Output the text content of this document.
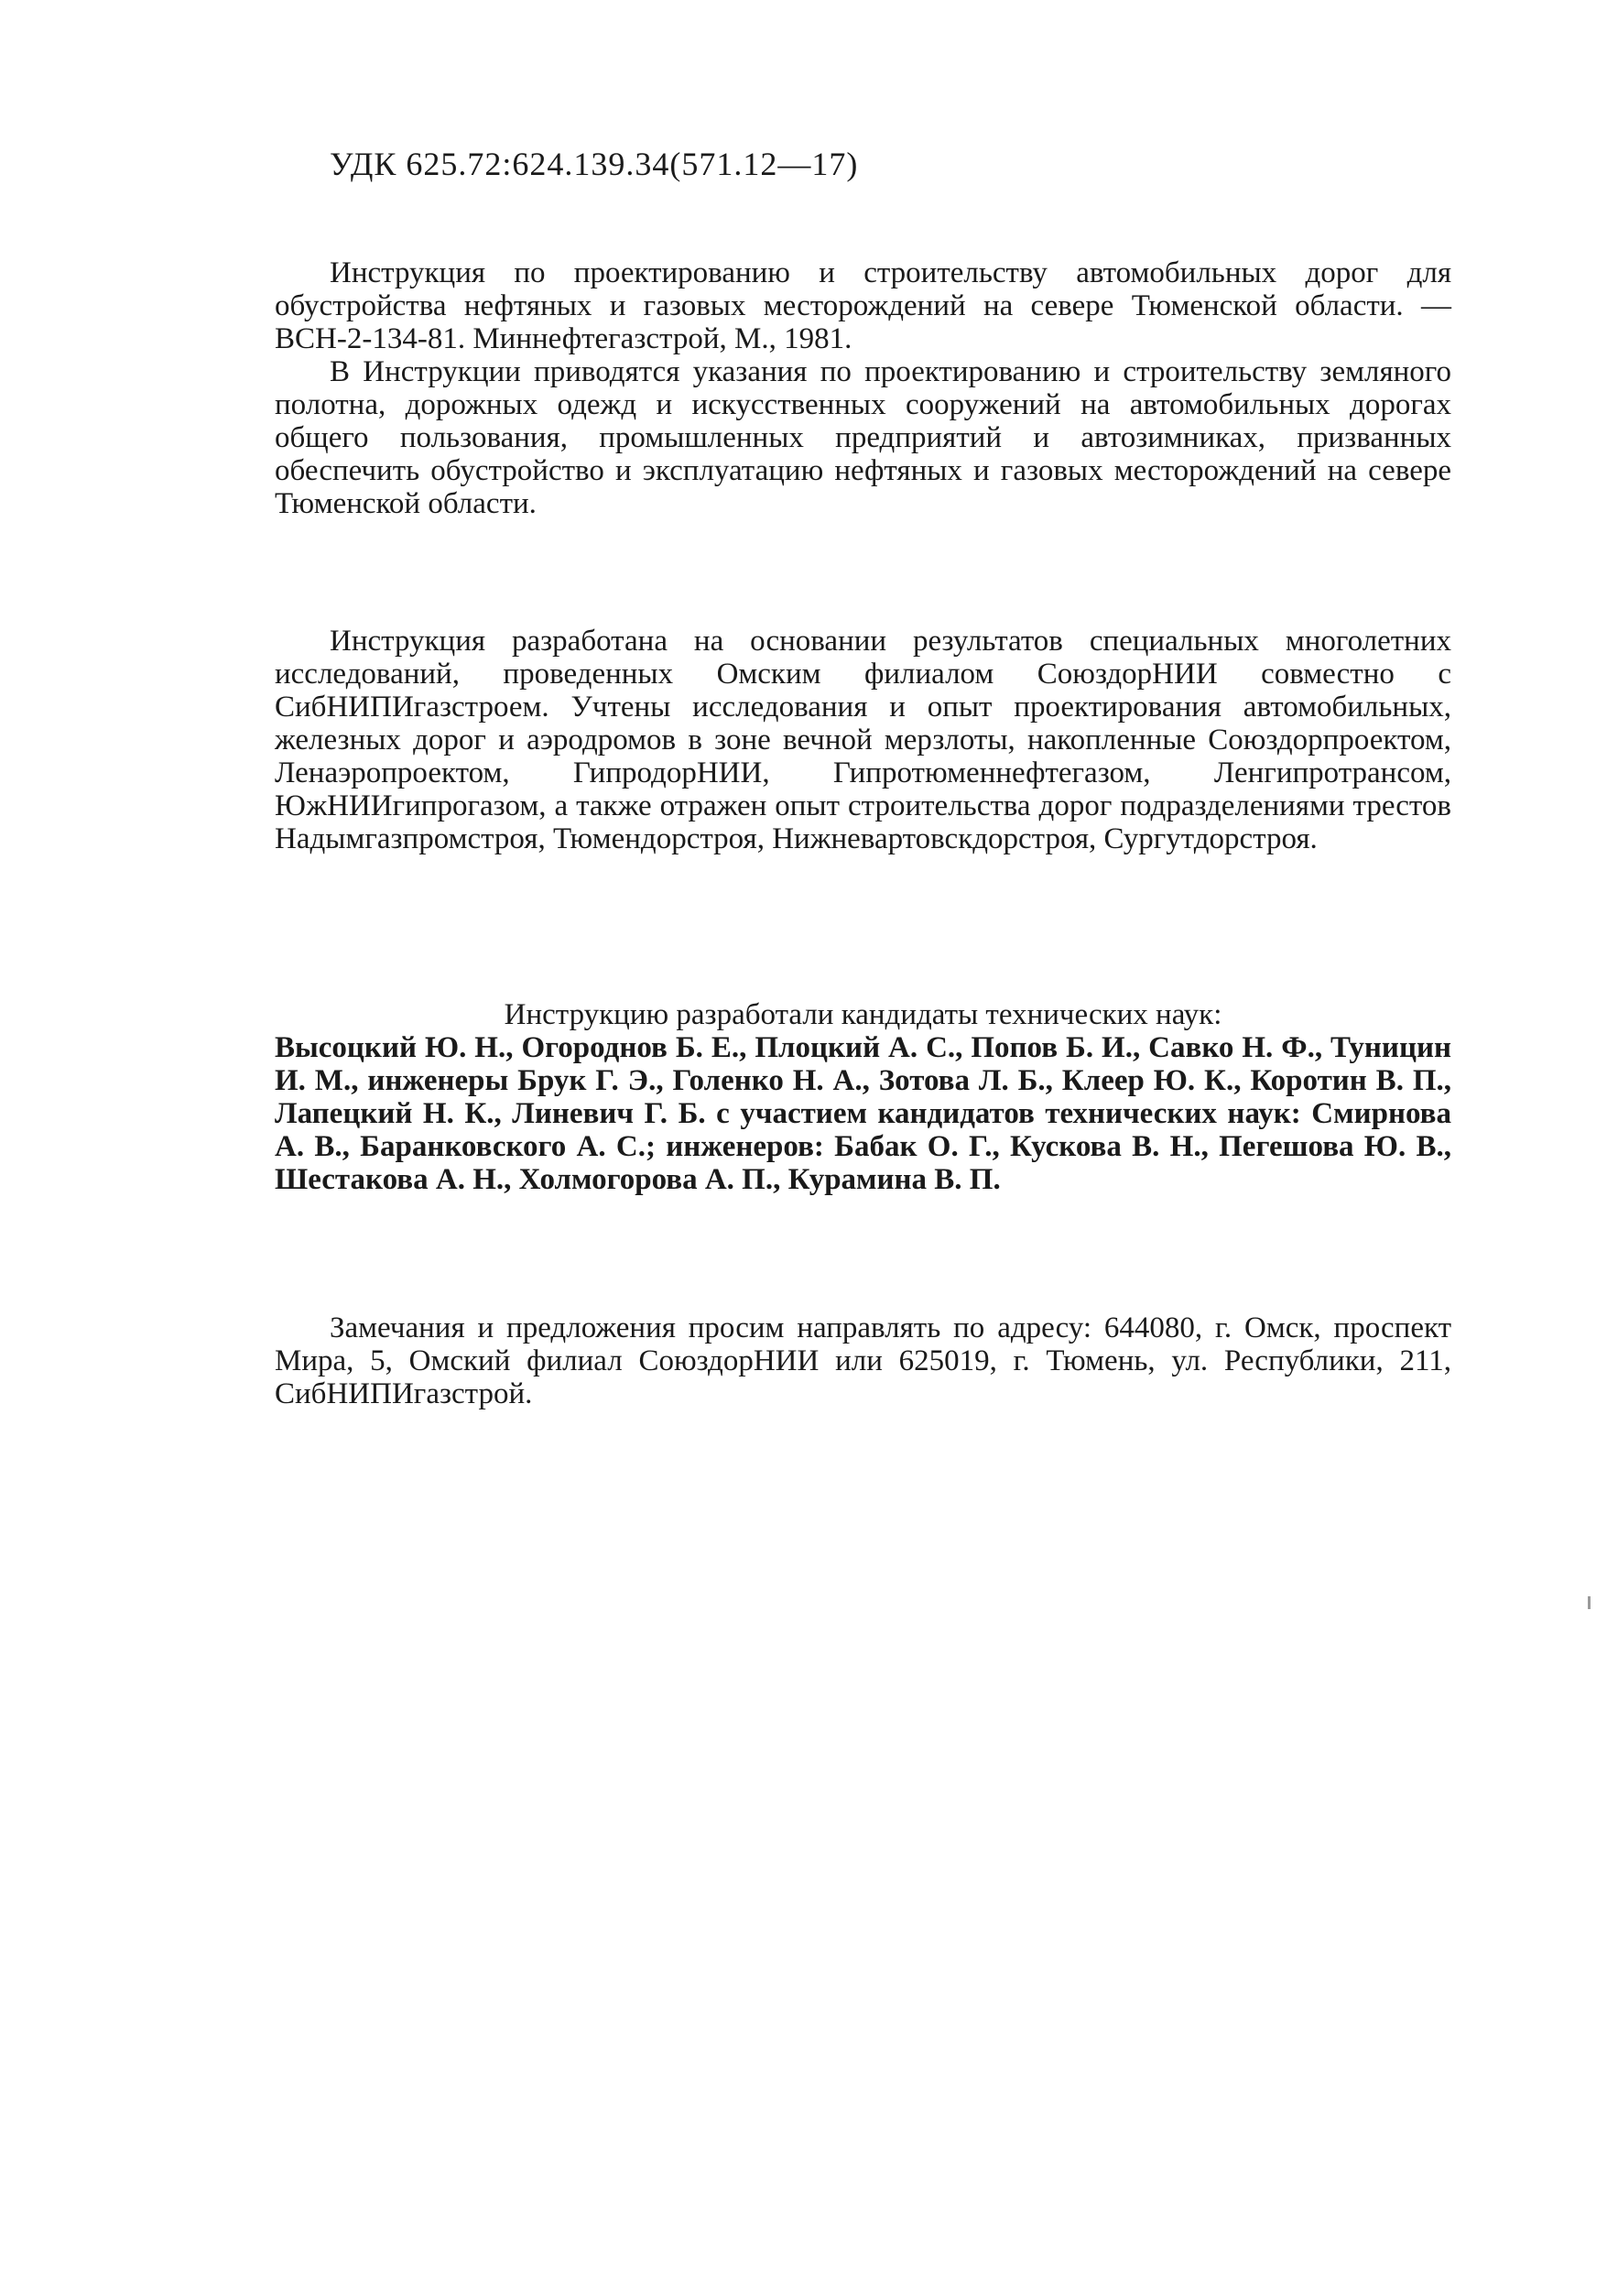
УДК 625.72:624.139.34(571.12—17)

Инструкция по проектированию и строительству автомобильных дорог для обустройства нефтяных и газовых месторождений на севере Тюменской области. —ВСН-2-134-81. Миннефтегазстрой, М., 1981.

В Инструкции приводятся указания по проектированию и строительству земляного полотна, дорожных одежд и искусственных сооружений на автомобильных дорогах общего пользования, промышленных предприятий и автозимниках, призванных обеспечить обустройство и эксплуатацию нефтяных и газовых месторождений на севере Тюменской области.

Инструкция разработана на основании результатов специальных многолетних исследований, проведенных Омским филиалом СоюздорНИИ совместно с СибНИПИгазстроем. Учтены исследования и опыт проектирования автомобильных, железных дорог и аэродромов в зоне вечной мерзлоты, накопленные Союздорпроектом, Ленаэропроектом, ГипродорНИИ, Гипротюменнефтегазом, Ленгипротрансом, ЮжНИИгипрогазом, а также отражен опыт строительства дорог подразделениями трестов Надымгазпромстроя, Тюмендорстроя, Нижневартовскдорстроя, Сургутдорстроя.

Инструкцию разработали кандидаты технических наук:

Высоцкий Ю. Н., Огороднов Б. Е., Плоцкий А. С., Попов Б. И., Савко Н. Ф., Туницин И. М., инженеры Брук Г. Э., Голенко Н. А., Зотова Л. Б., Клеер Ю. К., Коротин В. П., Лапецкий Н. К., Линевич Г. Б. с участием кандидатов технических наук: Смирнова А. В., Баранковского А. С.; инженеров: Бабак О. Г., Кускова В. Н., Пегешова Ю. В., Шестакова А. Н., Холмогорова А. П., Курамина В. П.

Замечания и предложения просим направлять по адресу: 644080, г. Омск, проспект Мира, 5, Омский филиал СоюздорНИИ или 625019, г. Тюмень, ул. Республики, 211, СибНИПИгазстрой.
